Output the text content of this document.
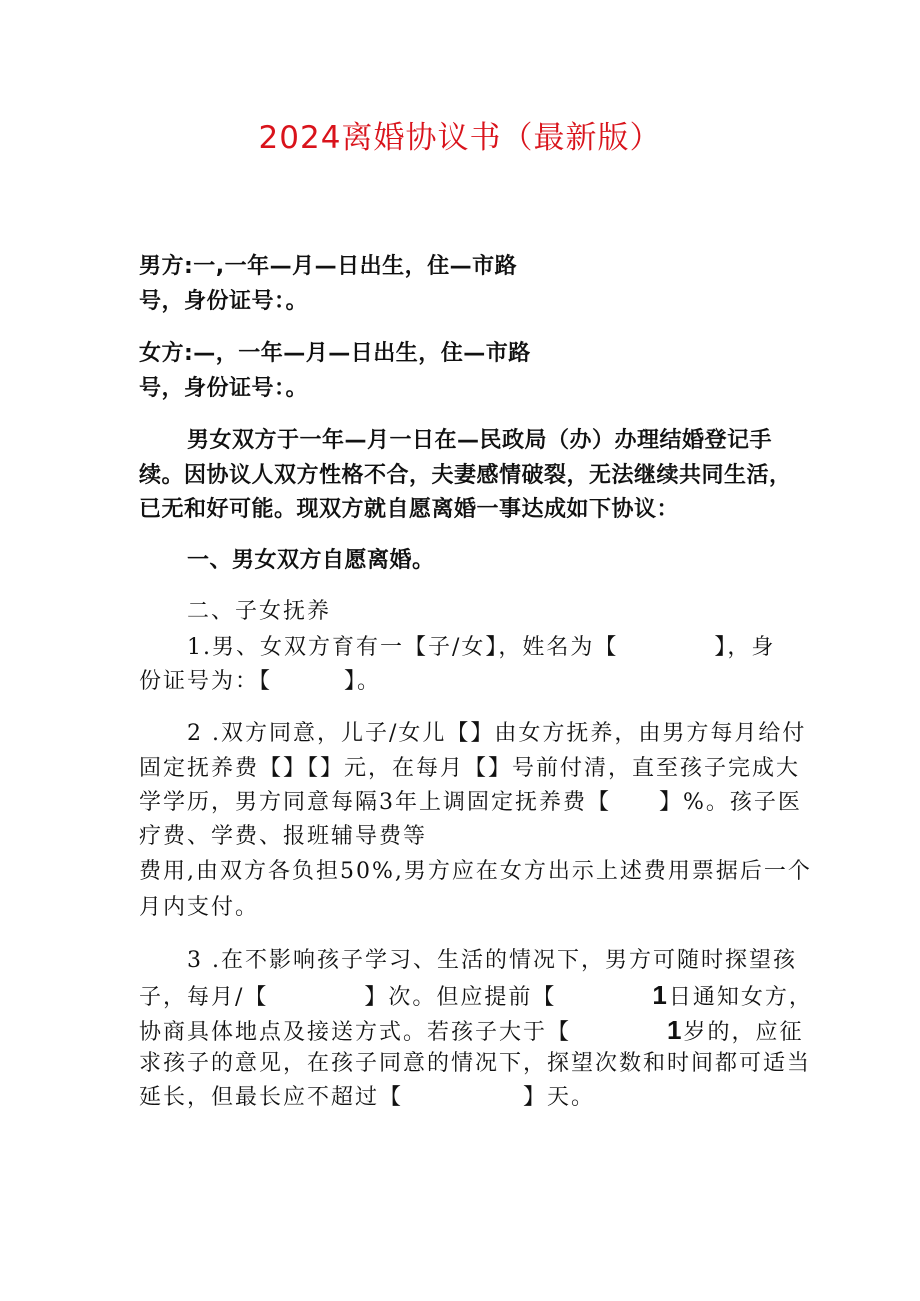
2024离婚协议书（最新版）
男方:一,一年—月—日出生，住—市路
号，身份证号：。
女方:—，一年—月—日出生，住—市路
号，身份证号：。
男女双方于一年—月一日在—民政局（办）办理结婚登记手
续。因协议人双方性格不合，夫妻感情破裂，无法继续共同生活，
已无和好可能。现双方就自愿离婚一事达成如下协议：
一、男女双方自愿离婚。
二、子女抚养
1.男、女双方育有一【子/女】，姓名为【　　　　】，身
份证号为：【　　　】。
2 .双方同意，儿子/女儿【】由女方抚养，由男方每月给付
固定抚养费【】【】元，在每月【】号前付清，直至孩子完成大
学学历，男方同意每隔3年上调固定抚养费【　　】%。孩子医
疗费、学费、报班辅导费等
费用,由双方各负担50%,男方应在女方出示上述费用票据后一个
月内支付。
3 .在不影响孩子学习、生活的情况下，男方可随时探望孩
子，每月/【　　　　】次。但应提前【　　　　1日通知女方，
协商具体地点及接送方式。若孩子大于【　　　　1岁的，应征
求孩子的意见，在孩子同意的情况下，探望次数和时间都可适当
延长，但最长应不超过【　　　　　】天。
